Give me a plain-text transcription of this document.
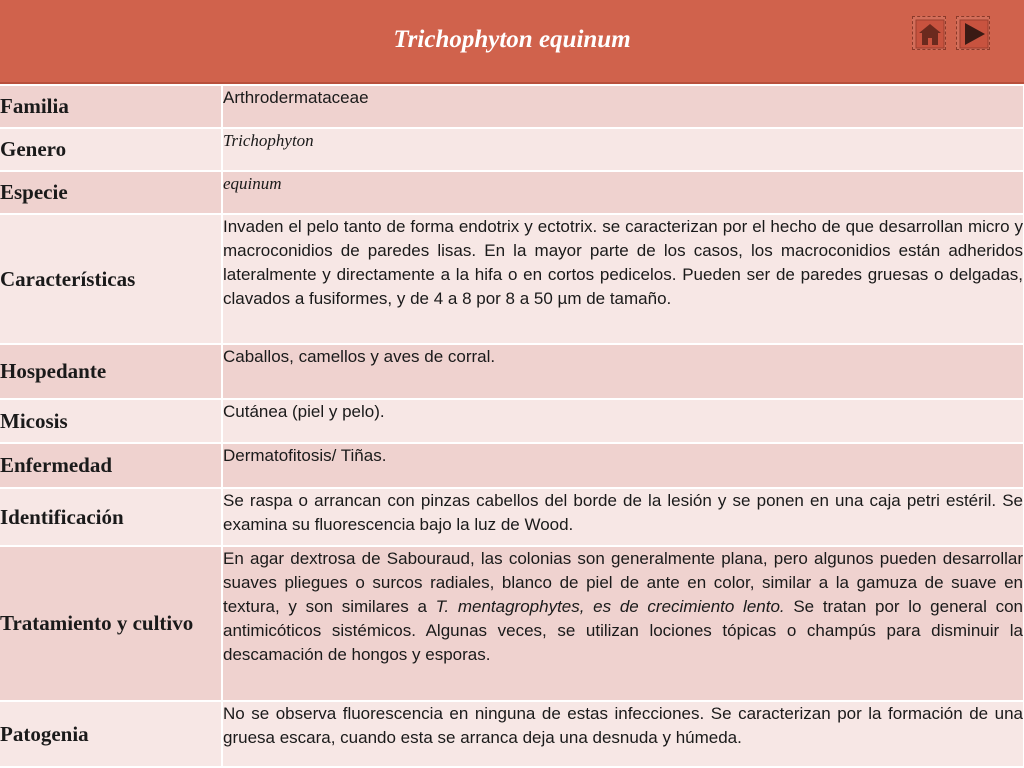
Trichophyton equinum
Familia	Arthrodermataceae
Genero	Trichophyton
Especie	equinum
Características	Invaden el pelo tanto de forma endotrix y ectotrix. se caracterizan por el hecho de que desarrollan micro y macroconidios de paredes lisas. En la mayor parte de los casos, los macroconidios están adheridos lateralmente y directamente a la hifa o en cortos pedicelos. Pueden ser de paredes gruesas o delgadas, clavados a fusiformes, y de 4 a 8 por 8 a 50 µm de tamaño.
Hospedante	Caballos, camellos y aves de corral.
Micosis	Cutánea (piel y pelo).
Enfermedad	Dermatofitosis/ Tiñas.
Identificación	Se raspa o arrancan con pinzas cabellos del borde de la lesión y se ponen en una caja petri estéril. Se examina su fluorescencia bajo la luz de Wood.
Tratamiento y cultivo	En agar dextrosa de Sabouraud, las colonias son generalmente plana, pero algunos pueden desarrollar suaves pliegues o surcos radiales, blanco de piel de ante en color, similar a la gamuza de suave en textura, y son similares a T. mentagrophytes, es de crecimiento lento. Se tratan por lo general con antimicóticos sistémicos. Algunas veces, se utilizan lociones tópicas o champús para disminuir la descamación de hongos y esporas.
Patogenia	No se observa fluorescencia en ninguna de estas infecciones. Se caracterizan por la formación de una gruesa escara, cuando esta se arranca deja una desnuda y húmeda.
